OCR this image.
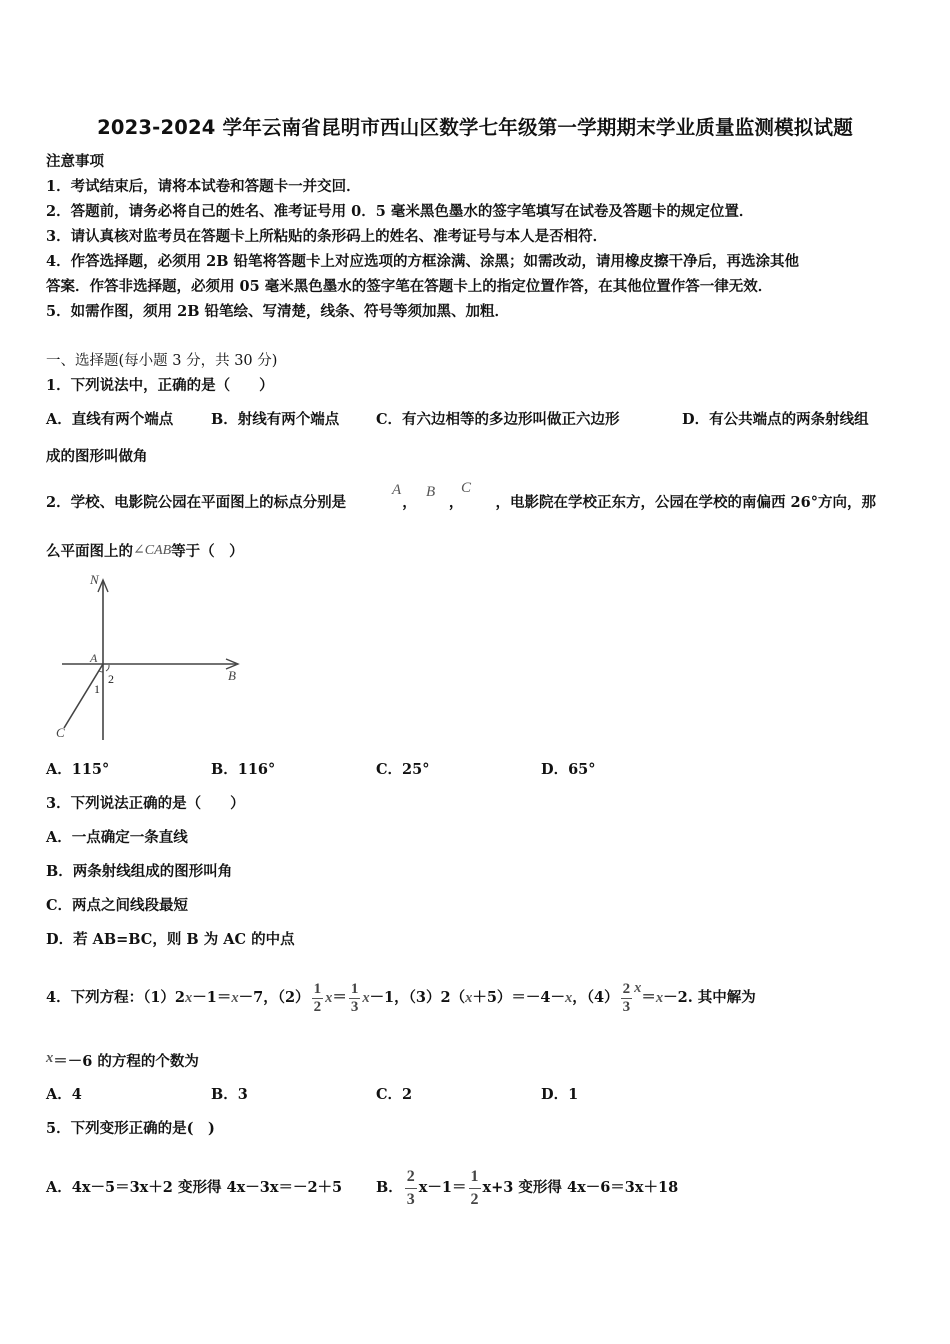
2023-2024 学年云南省昆明市西山区数学七年级第一学期期末学业质量监测模拟试题
注意事项
1．考试结束后，请将本试卷和答题卡一并交回．
2．答题前，请务必将自己的姓名、准考证号用 0．5 毫米黑色墨水的签字笔填写在试卷及答题卡的规定位置．
3．请认真核对监考员在答题卡上所粘贴的条形码上的姓名、准考证号与本人是否相符．
4．作答选择题，必须用 2B 铅笔将答题卡上对应选项的方框涂满、涂黑；如需改动，请用橡皮擦干净后，再选涂其他
答案．作答非选择题，必须用 05 毫米黑色墨水的签字笔在答题卡上的指定位置作答，在其他位置作答一律无效．
5．如需作图，须用 2B 铅笔绘、写清楚，线条、符号等须加黑、加粗．
一、选择题(每小题 3 分，共 30 分)
1．下列说法中，正确的是（　　）
A．直线有两个端点	B．射线有两个端点	C．有六边相等的多边形叫做正六边形	D．有公共端点的两条射线组
成的图形叫做角
2．学校、电影院公园在平面图上的标点分别是	， ， ，电影院在学校正东方，公园在学校的南偏西 26°方向，那
A B C
么平面图上的∠CAB等于（　）
N
A
B
C
1
2
A．115°	B．116°	C．25°	D．65°
3．下列说法正确的是（　　）
A．一点确定一条直线
B．两条射线组成的图形叫角
C．两点之间线段最短
D．若 AB=BC，则 B 为 AC 的中点
4．下列方程：（1）2x－1＝x－7，$(2) \frac{1}{2} x= \frac{1}{3} x-1$，（3）2（x＋5）＝－4－x，$(4) \frac{2}{3} x=x-2$. 其中解为
x＝－6 的方程的个数为
A．4	B．3	C．2	D．1
5．下列变形正确的是(　)
A．4x－5＝3x＋2 变形得 4x－3x＝－2＋5 B． $\frac{2}{3} x-1= \frac{1}{2} x+3$ 变形得 4x－6＝3x＋18
